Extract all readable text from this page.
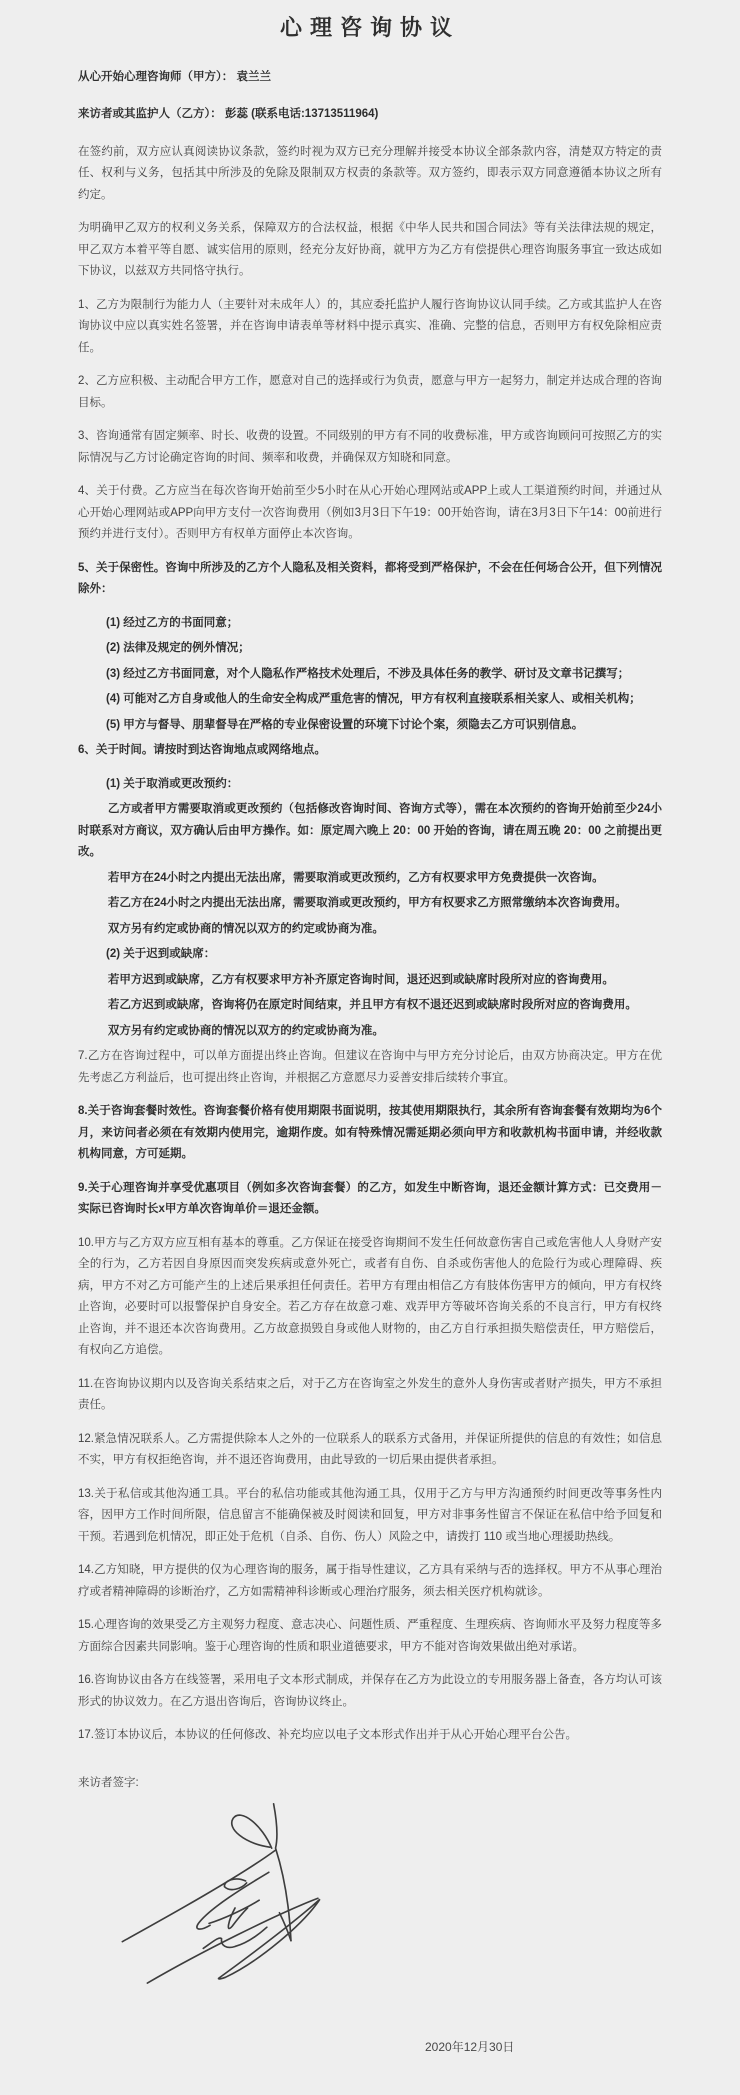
心理咨询协议

从心开始心理咨询师（甲方）： 袁兰兰

来访者或其监护人（乙方）： 彭蕊 (联系电话:13713511964)

在签约前，双方应认真阅读协议条款，签约时视为双方已充分理解并接受本协议全部条款内容，清楚双方特定的责任、权利与义务，包括其中所涉及的免除及限制双方权责的条款等。双方签约，即表示双方同意遵循本协议之所有约定。

为明确甲乙双方的权利义务关系，保障双方的合法权益，根据《中华人民共和国合同法》等有关法律法规的规定，甲乙双方本着平等自愿、诚实信用的原则，经充分友好协商，就甲方为乙方有偿提供心理咨询服务事宜一致达成如下协议，以兹双方共同恪守执行。

1、乙方为限制行为能力人（主要针对未成年人）的，其应委托监护人履行咨询协议认同手续。乙方或其监护人在咨询协议中应以真实姓名签署，并在咨询申请表单等材料中提示真实、准确、完整的信息，否则甲方有权免除相应责任。

2、乙方应积极、主动配合甲方工作，愿意对自己的选择或行为负责，愿意与甲方一起努力，制定并达成合理的咨询目标。

3、咨询通常有固定频率、时长、收费的设置。不同级别的甲方有不同的收费标准，甲方或咨询顾问可按照乙方的实际情况与乙方讨论确定咨询的时间、频率和收费，并确保双方知晓和同意。

4、关于付费。乙方应当在每次咨询开始前至少5小时在从心开始心理网站或APP上或人工渠道预约时间，并通过从心开始心理网站或APP向甲方支付一次咨询费用（例如3月3日下午19：00开始咨询，请在3月3日下午14：00前进行预约并进行支付）。否则甲方有权单方面停止本次咨询。

5、关于保密性。咨询中所涉及的乙方个人隐私及相关资料，都将受到严格保护，不会在任何场合公开，但下列情况除外：

(1) 经过乙方的书面同意；

(2) 法律及规定的例外情况；

(3) 经过乙方书面同意，对个人隐私作严格技术处理后，不涉及具体任务的教学、研讨及文章书记撰写；

(4) 可能对乙方自身或他人的生命安全构成严重危害的情况，甲方有权利直接联系相关家人、或相关机构；

(5) 甲方与督导、朋辈督导在严格的专业保密设置的环境下讨论个案，须隐去乙方可识别信息。

6、关于时间。请按时到达咨询地点或网络地点。

(1) 关于取消或更改预约：

乙方或者甲方需要取消或更改预约（包括修改咨询时间、咨询方式等），需在本次预约的咨询开始前至少24小时联系对方商议，双方确认后由甲方操作。如：原定周六晚上 20：00 开始的咨询，请在周五晚 20：00 之前提出更改。

若甲方在24小时之内提出无法出席，需要取消或更改预约，乙方有权要求甲方免费提供一次咨询。

若乙方在24小时之内提出无法出席，需要取消或更改预约，甲方有权要求乙方照常缴纳本次咨询费用。

双方另有约定或协商的情况以双方的约定或协商为准。

(2) 关于迟到或缺席：

若甲方迟到或缺席，乙方有权要求甲方补齐原定咨询时间，退还迟到或缺席时段所对应的咨询费用。

若乙方迟到或缺席，咨询将仍在原定时间结束，并且甲方有权不退还迟到或缺席时段所对应的咨询费用。

双方另有约定或协商的情况以双方的约定或协商为准。

7.乙方在咨询过程中，可以单方面提出终止咨询。但建议在咨询中与甲方充分讨论后，由双方协商决定。甲方在优先考虑乙方利益后，也可提出终止咨询，并根据乙方意愿尽力妥善安排后续转介事宜。

8.关于咨询套餐时效性。咨询套餐价格有使用期限书面说明，按其使用期限执行，其余所有咨询套餐有效期均为6个月，来访问者必须在有效期内使用完，逾期作废。如有特殊情况需延期必须向甲方和收款机构书面申请，并经收款机构同意，方可延期。

9.关于心理咨询并享受优惠项目（例如多次咨询套餐）的乙方，如发生中断咨询，退还金额计算方式：已交费用－实际已咨询时长x甲方单次咨询单价＝退还金额。

10.甲方与乙方双方应互相有基本的尊重。乙方保证在接受咨询期间不发生任何故意伤害自己或危害他人人身财产安全的行为，乙方若因自身原因而突发疾病或意外死亡，或者有自伤、自杀或伤害他人的危险行为或心理障碍、疾病，甲方不对乙方可能产生的上述后果承担任何责任。若甲方有理由相信乙方有肢体伤害甲方的倾向，甲方有权终止咨询，必要时可以报警保护自身安全。若乙方存在故意刁难、戏弄甲方等破坏咨询关系的不良言行，甲方有权终止咨询，并不退还本次咨询费用。乙方故意损毁自身或他人财物的，由乙方自行承担损失赔偿责任，甲方赔偿后，有权向乙方追偿。

11.在咨询协议期内以及咨询关系结束之后，对于乙方在咨询室之外发生的意外人身伤害或者财产损失，甲方不承担责任。

12.紧急情况联系人。乙方需提供除本人之外的一位联系人的联系方式备用，并保证所提供的信息的有效性；如信息不实，甲方有权拒绝咨询，并不退还咨询费用，由此导致的一切后果由提供者承担。

13.关于私信或其他沟通工具。平台的私信功能或其他沟通工具，仅用于乙方与甲方沟通预约时间更改等事务性内容，因甲方工作时间所限，信息留言不能确保被及时阅读和回复，甲方对非事务性留言不保证在私信中给予回复和干预。若遇到危机情况，即正处于危机（自杀、自伤、伤人）风险之中，请拨打 110 或当地心理援助热线。

14.乙方知晓，甲方提供的仅为心理咨询的服务，属于指导性建议，乙方具有采纳与否的选择权。甲方不从事心理治疗或者精神障碍的诊断治疗，乙方如需精神科诊断或心理治疗服务，须去相关医疗机构就诊。

15.心理咨询的效果受乙方主观努力程度、意志决心、问题性质、严重程度、生理疾病、咨询师水平及努力程度等多方面综合因素共同影响。鉴于心理咨询的性质和职业道德要求，甲方不能对咨询效果做出绝对承诺。

16.咨询协议由各方在线签署，采用电子文本形式制成，并保存在乙方为此设立的专用服务器上备查，各方均认可该形式的协议效力。在乙方退出咨询后，咨询协议终止。

17.签订本协议后，本协议的任何修改、补充均应以电子文本形式作出并于从心开始心理平台公告。

来访者签字:

2020年12月30日
